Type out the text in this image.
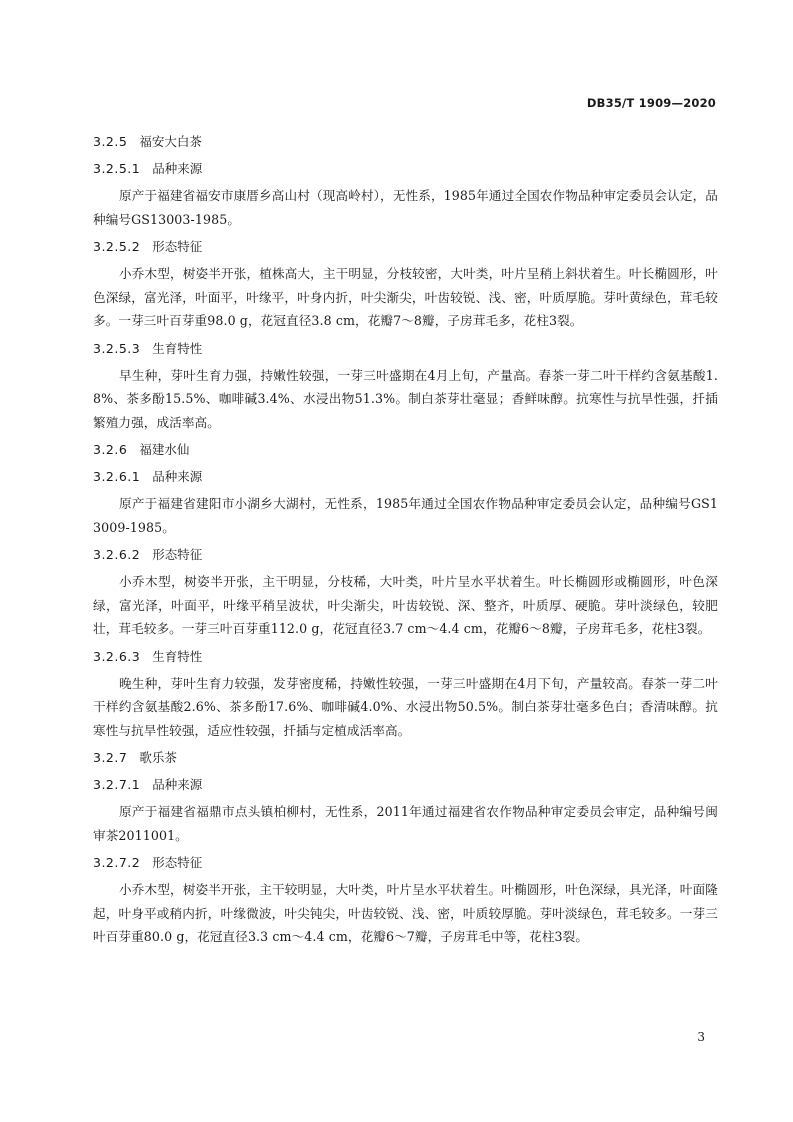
DB35/T 1909—2020
3.2.5 福安大白茶
3.2.5.1 品种来源

原产于福建省福安市康厝乡高山村（现高岭村），无性系，1985年通过全国农作物品种审定委员会认定，品种编号GS13003-1985。

3.2.5.2 形态特征

小乔木型，树姿半开张，植株高大，主干明显，分枝较密，大叶类，叶片呈稍上斜状着生。叶长椭圆形，叶色深绿，富光泽，叶面平，叶缘平，叶身内折，叶尖渐尖，叶齿较锐、浅、密，叶质厚脆。芽叶黄绿色，茸毛较多。一芽三叶百芽重98.0 g，花冠直径3.8 cm，花瓣7～8瓣，子房茸毛多，花柱3裂。

3.2.5.3 生育特性

早生种，芽叶生育力强，持嫩性较强，一芽三叶盛期在4月上旬，产量高。春茶一芽二叶干样约含氨基酸1.8%、茶多酚15.5%、咖啡碱3.4%、水浸出物51.3%。制白茶芽壮毫显；香鲜味醇。抗寒性与抗旱性强，扦插繁殖力强，成活率高。

3.2.6 福建水仙
3.2.6.1 品种来源

原产于福建省建阳市小湖乡大湖村，无性系，1985年通过全国农作物品种审定委员会认定，品种编号GS13009-1985。

3.2.6.2 形态特征

小乔木型，树姿半开张，主干明显，分枝稀，大叶类，叶片呈水平状着生。叶长椭圆形或椭圆形，叶色深绿，富光泽，叶面平，叶缘平稍呈波状，叶尖渐尖，叶齿较锐、深、整齐，叶质厚、硬脆。芽叶淡绿色，较肥壮，茸毛较多。一芽三叶百芽重112.0 g，花冠直径3.7 cm～4.4 cm，花瓣6～8瓣，子房茸毛多，花柱3裂。

3.2.6.3 生育特性

晚生种，芽叶生育力较强，发芽密度稀，持嫩性较强，一芽三叶盛期在4月下旬，产量较高。春茶一芽二叶干样约含氨基酸2.6%、茶多酚17.6%、咖啡碱4.0%、水浸出物50.5%。制白茶芽壮毫多色白；香清味醇。抗寒性与抗旱性较强，适应性较强，扦插与定植成活率高。

3.2.7 歌乐茶
3.2.7.1 品种来源

原产于福建省福鼎市点头镇柏柳村，无性系，2011年通过福建省农作物品种审定委员会审定，品种编号闽审茶2011001。

3.2.7.2 形态特征

小乔木型，树姿半开张，主干较明显，大叶类，叶片呈水平状着生。叶椭圆形，叶色深绿，具光泽，叶面隆起，叶身平或稍内折，叶缘微波，叶尖钝尖，叶齿较锐、浅、密，叶质较厚脆。芽叶淡绿色，茸毛较多。一芽三叶百芽重80.0 g，花冠直径3.3 cm～4.4 cm，花瓣6～7瓣，子房茸毛中等，花柱3裂。

3
